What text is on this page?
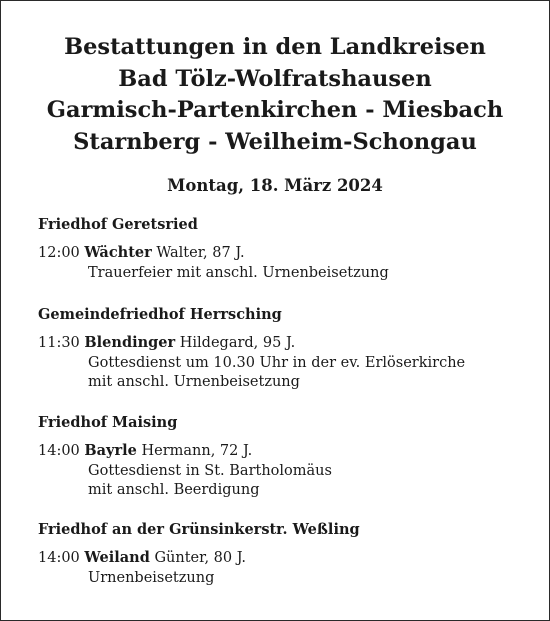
Bestattungen in den Landkreisen
Bad Tölz-Wolfratshausen
Garmisch-Partenkirchen - Miesbach
Starnberg - Weilheim-Schongau
Montag, 18. März 2024
Friedhof Geretsried
12:00 Wächter Walter, 87 J.
Trauerfeier mit anschl. Urnenbeisetzung
Gemeindefriedhof Herrsching
11:30 Blendinger Hildegard, 95 J.
Gottesdienst um 10.30 Uhr in der ev. Erlöserkirche
mit anschl. Urnenbeisetzung
Friedhof Maising
14:00 Bayrle Hermann, 72 J.
Gottesdienst in St. Bartholomäus
mit anschl. Beerdigung
Friedhof an der Grünsinkerstr. Weßling
14:00 Weiland Günter, 80 J.
Urnenbeisetzung
